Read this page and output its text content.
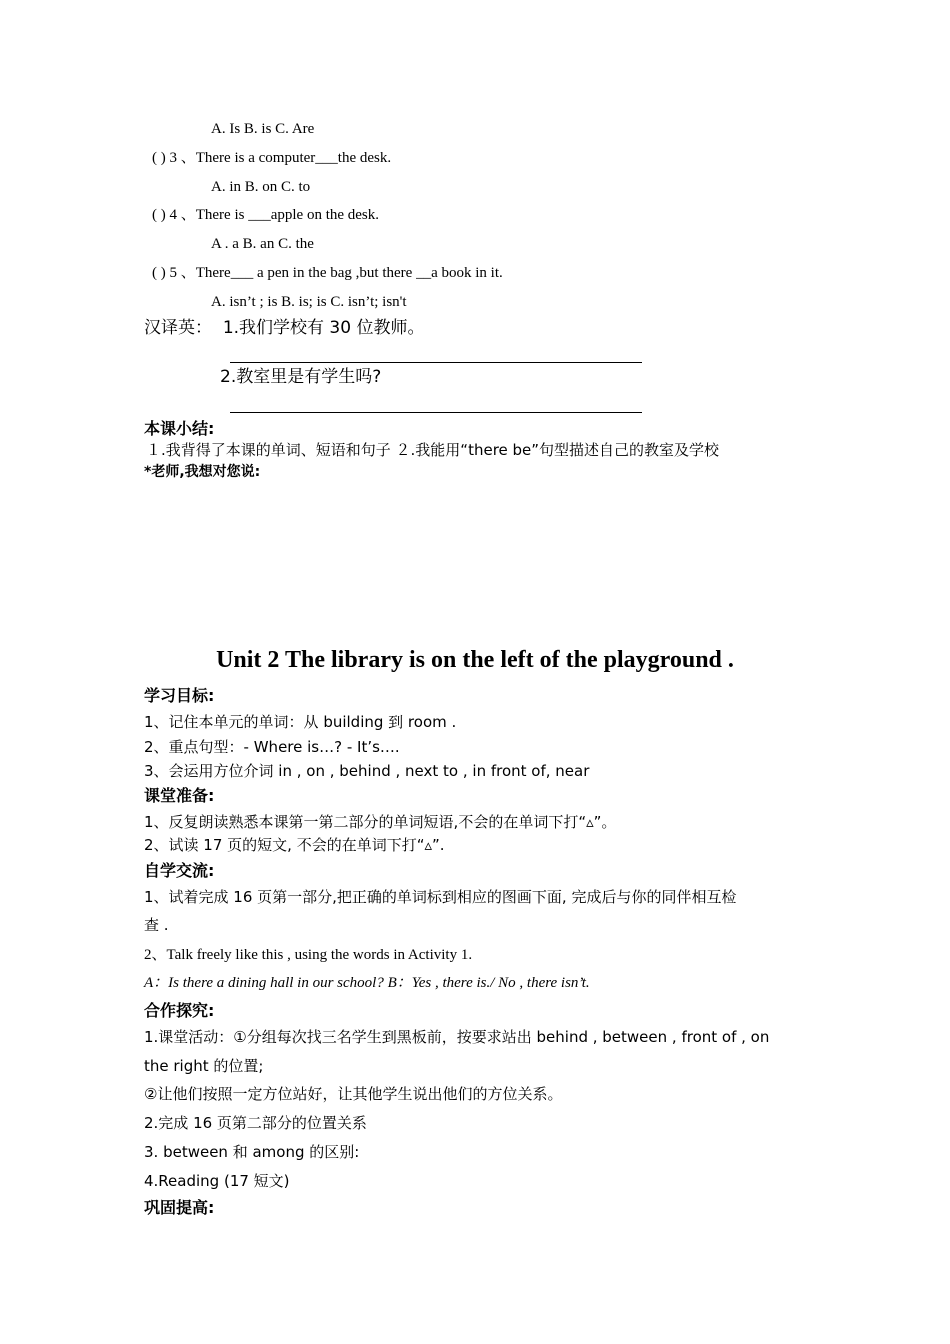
A. Is B. is C. Are
( ) 3 、There is a computer___the desk.
A. in B. on C. to
( ) 4 、There is ___apple on the desk.
A . a B. an C. the
( ) 5 、There___ a pen in the bag ,but there __a book in it.
A. isn’t ; is B. is; is C. isn’t; isn't
汉译英： 1.我们学校有 30 位教师。
2.教室里是有学生吗?
本课小结:
１.我背得了本课的单词、短语和句子 ２.我能用“there be”句型描述自己的教室及学校
*老师,我想对您说:
Unit 2 The library is on the left of the playground .
学习目标:
1、记住本单元的单词：从 building 到 room .
2、重点句型：- Where is…? - It’s….
3、会运用方位介词 in , on , behind , next to , in front of, near
课堂准备:
1、反复朗读熟悉本课第一第二部分的单词短语,不会的在单词下打“▵”。
2、试读 17 页的短文, 不会的在单词下打“▵”.
自学交流:
1、试着完成 16 页第一部分,把正确的单词标到相应的图画下面, 完成后与你的同伴相互检
查 .
2、Talk freely like this , using the words in Activity 1.
A：Is there a dining hall in our school? B：Yes , there is./ No , there isn’t.
合作探究:
1.课堂活动：①分组每次找三名学生到黑板前，按要求站出 behind , between , front of , on
the right 的位置;
②让他们按照一定方位站好，让其他学生说出他们的方位关系。
2.完成 16 页第二部分的位置关系
3. between 和 among 的区别:
4.Reading (17 短文)
巩固提高:
